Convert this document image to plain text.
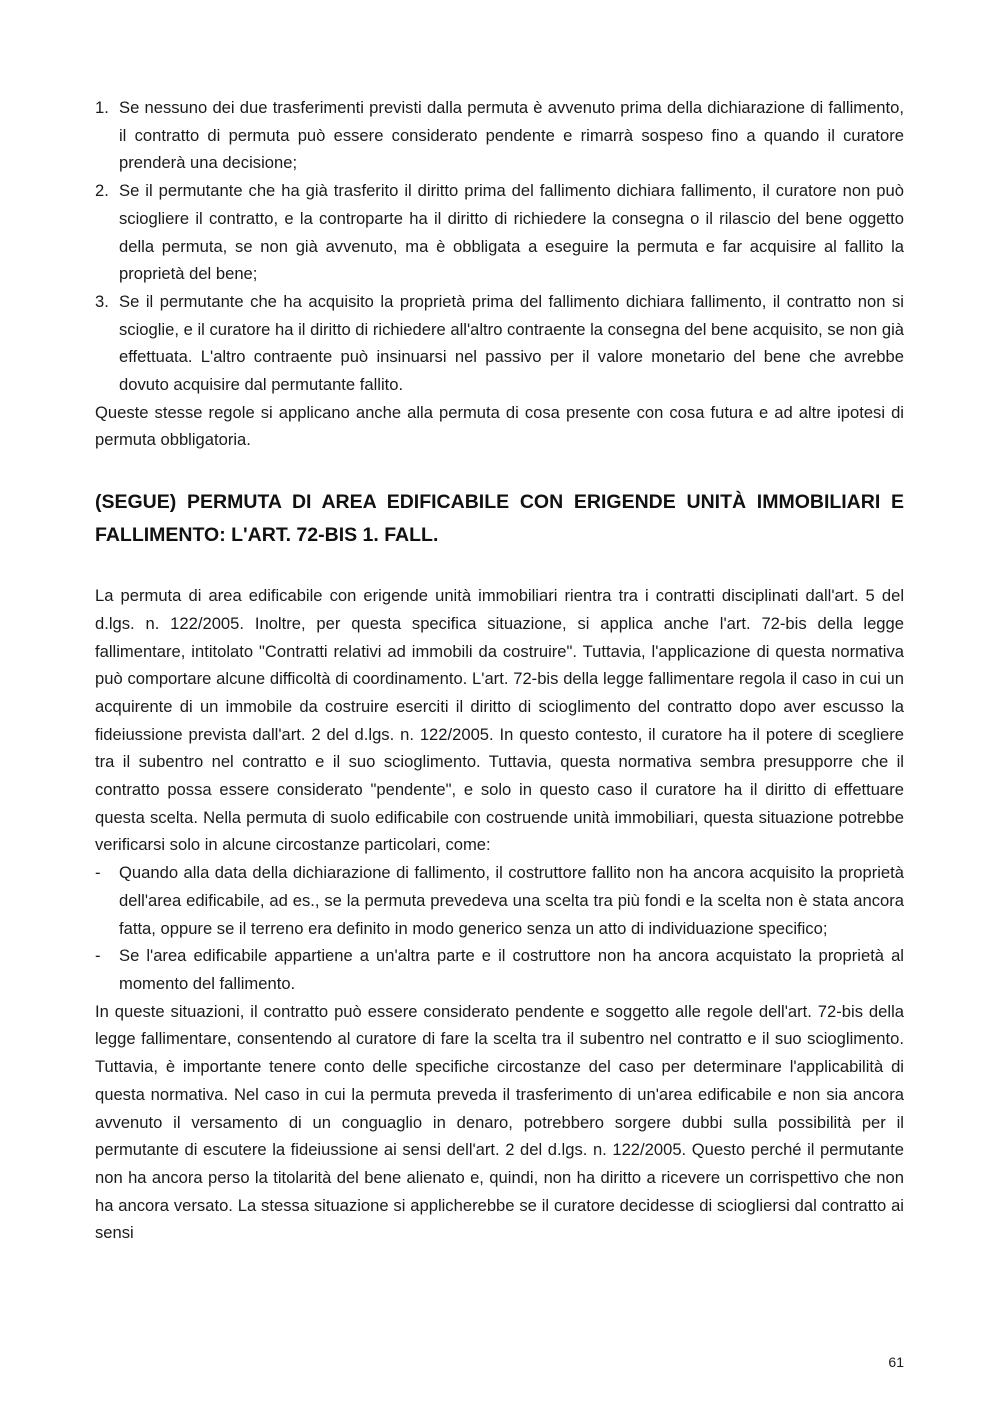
1. Se nessuno dei due trasferimenti previsti dalla permuta è avvenuto prima della dichiarazione di fallimento, il contratto di permuta può essere considerato pendente e rimarrà sospeso fino a quando il curatore prenderà una decisione;
2. Se il permutante che ha già trasferito il diritto prima del fallimento dichiara fallimento, il curatore non può sciogliere il contratto, e la controparte ha il diritto di richiedere la consegna o il rilascio del bene oggetto della permuta, se non già avvenuto, ma è obbligata a eseguire la permuta e far acquisire al fallito la proprietà del bene;
3. Se il permutante che ha acquisito la proprietà prima del fallimento dichiara fallimento, il contratto non si scioglie, e il curatore ha il diritto di richiedere all'altro contraente la consegna del bene acquisito, se non già effettuata. L'altro contraente può insinuarsi nel passivo per il valore monetario del bene che avrebbe dovuto acquisire dal permutante fallito.

Queste stesse regole si applicano anche alla permuta di cosa presente con cosa futura e ad altre ipotesi di permuta obbligatoria.

(SEGUE) PERMUTA DI AREA EDIFICABILE CON ERIGENDE UNITÀ IMMOBILIARI E FALLIMENTO: L'ART. 72-BIS 1. FALL.

La permuta di area edificabile con erigende unità immobiliari rientra tra i contratti disciplinati dall'art. 5 del d.lgs. n. 122/2005. Inoltre, per questa specifica situazione, si applica anche l'art. 72-bis della legge fallimentare, intitolato "Contratti relativi ad immobili da costruire". Tuttavia, l'applicazione di questa normativa può comportare alcune difficoltà di coordinamento. L'art. 72-bis della legge fallimentare regola il caso in cui un acquirente di un immobile da costruire eserciti il diritto di scioglimento del contratto dopo aver escusso la fideiussione prevista dall'art. 2 del d.lgs. n. 122/2005. In questo contesto, il curatore ha il potere di scegliere tra il subentro nel contratto e il suo scioglimento. Tuttavia, questa normativa sembra presupporre che il contratto possa essere considerato "pendente", e solo in questo caso il curatore ha il diritto di effettuare questa scelta. Nella permuta di suolo edificabile con costruende unità immobiliari, questa situazione potrebbe verificarsi solo in alcune circostanze particolari, come:

- Quando alla data della dichiarazione di fallimento, il costruttore fallito non ha ancora acquisito la proprietà dell'area edificabile, ad es., se la permuta prevedeva una scelta tra più fondi e la scelta non è stata ancora fatta, oppure se il terreno era definito in modo generico senza un atto di individuazione specifico;
- Se l'area edificabile appartiene a un'altra parte e il costruttore non ha ancora acquistato la proprietà al momento del fallimento.

In queste situazioni, il contratto può essere considerato pendente e soggetto alle regole dell'art. 72-bis della legge fallimentare, consentendo al curatore di fare la scelta tra il subentro nel contratto e il suo scioglimento. Tuttavia, è importante tenere conto delle specifiche circostanze del caso per determinare l'applicabilità di questa normativa. Nel caso in cui la permuta preveda il trasferimento di un'area edificabile e non sia ancora avvenuto il versamento di un conguaglio in denaro, potrebbero sorgere dubbi sulla possibilità per il permutante di escutere la fideiussione ai sensi dell'art. 2 del d.lgs. n. 122/2005. Questo perché il permutante non ha ancora perso la titolarità del bene alienato e, quindi, non ha diritto a ricevere un corrispettivo che non ha ancora versato. La stessa situazione si applicherebbe se il curatore decidesse di sciogliersi dal contratto ai sensi

61
